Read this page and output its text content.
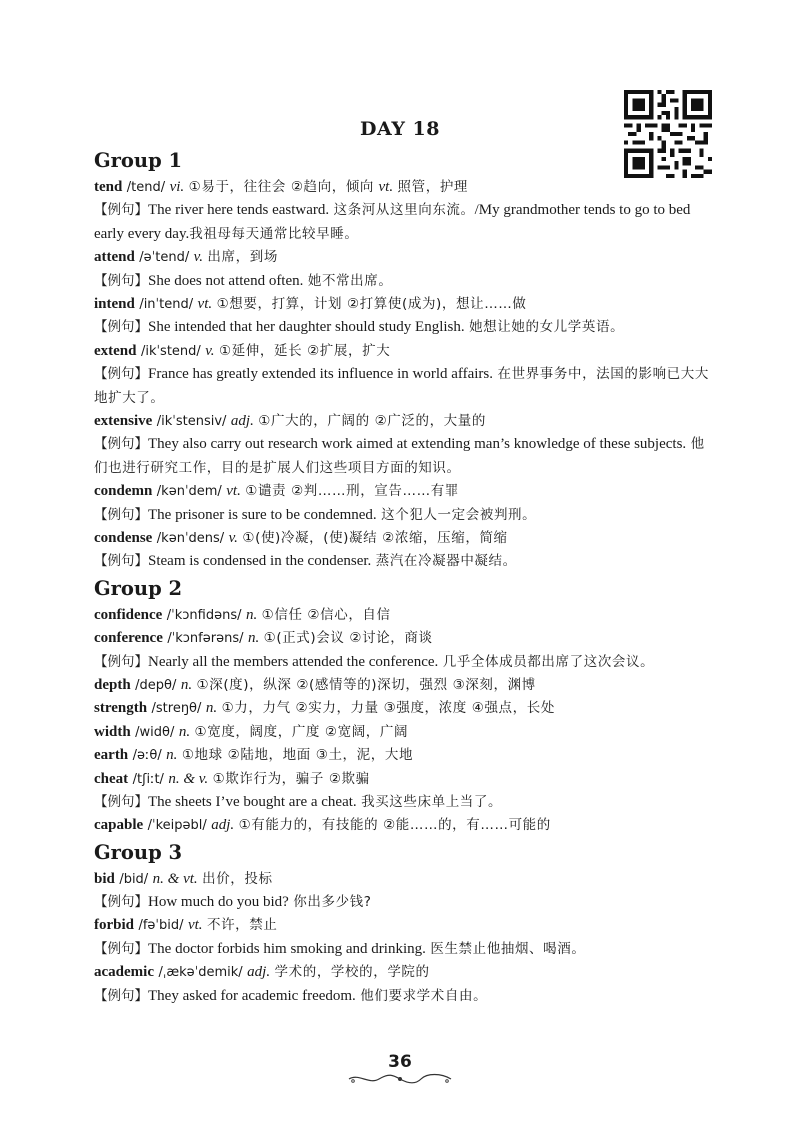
DAY 18
Group 1
tend /tend/ vi. ①易于，往往会 ②趋向，倾向 vt. 照管，护理
【例句】The river here tends eastward. 这条河从这里向东流。/My grandmother tends to go to bed early every day.我祖母每天通常比较早睡。
attend /əˈtend/ v. 出席，到场
【例句】She does not attend often. 她不常出席。
intend /inˈtend/ vt. ①想要，打算，计划 ②打算使(成为)，想让……做
【例句】She intended that her daughter should study English. 她想让她的女儿学英语。
extend /ikˈstend/ v. ①延伸，延长 ②扩展，扩大
【例句】France has greatly extended its influence in world affairs. 在世界事务中，法国的影响已大大地扩大了。
extensive /ikˈstensiv/ adj. ①广大的，广阔的 ②广泛的，大量的
【例句】They also carry out research work aimed at extending man’s knowledge of these subjects. 他们也进行研究工作，目的是扩展人们这些项目方面的知识。
condemn /kənˈdem/ vt. ①谴责 ②判……刑，宣告……有罪
【例句】The prisoner is sure to be condemned. 这个犯人一定会被判刑。
condense /kənˈdens/ v. ①(使)冷凝，(使)凝结 ②浓缩，压缩，简缩
【例句】Steam is condensed in the condenser. 蒸汽在冷凝器中凝结。
Group 2
confidence /ˈkɔnfidəns/ n. ①信任 ②信心，自信
conference /ˈkɔnfərəns/ n. ①(正式)会议 ②讨论，商谈
【例句】Nearly all the members attended the conference. 几乎全体成员都出席了这次会议。
depth /depθ/ n. ①深(度)，纵深 ②(感情等的)深切，强烈 ③深刻，渊博
strength /streŋθ/ n. ①力，力气 ②实力，力量 ③强度，浓度 ④强点，长处
width /widθ/ n. ①宽度，阔度，广度 ②宽阔，广阔
earth /əːθ/ n. ①地球 ②陆地，地面 ③土，泥，大地
cheat /tʃiːt/ n. & v. ①欺诈行为，骗子 ②欺骗
【例句】The sheets I’ve bought are a cheat. 我买这些床单上当了。
capable /ˈkeipəbl/ adj. ①有能力的，有技能的 ②能……的，有……可能的
Group 3
bid /bid/ n. & vt. 出价，投标
【例句】How much do you bid? 你出多少钱?
forbid /fəˈbid/ vt. 不许，禁止
【例句】The doctor forbids him smoking and drinking. 医生禁止他抽烟、喝酒。
academic /ˌækəˈdemik/ adj. 学术的，学校的，学院的
【例句】They asked for academic freedom. 他们要求学术自由。
36
